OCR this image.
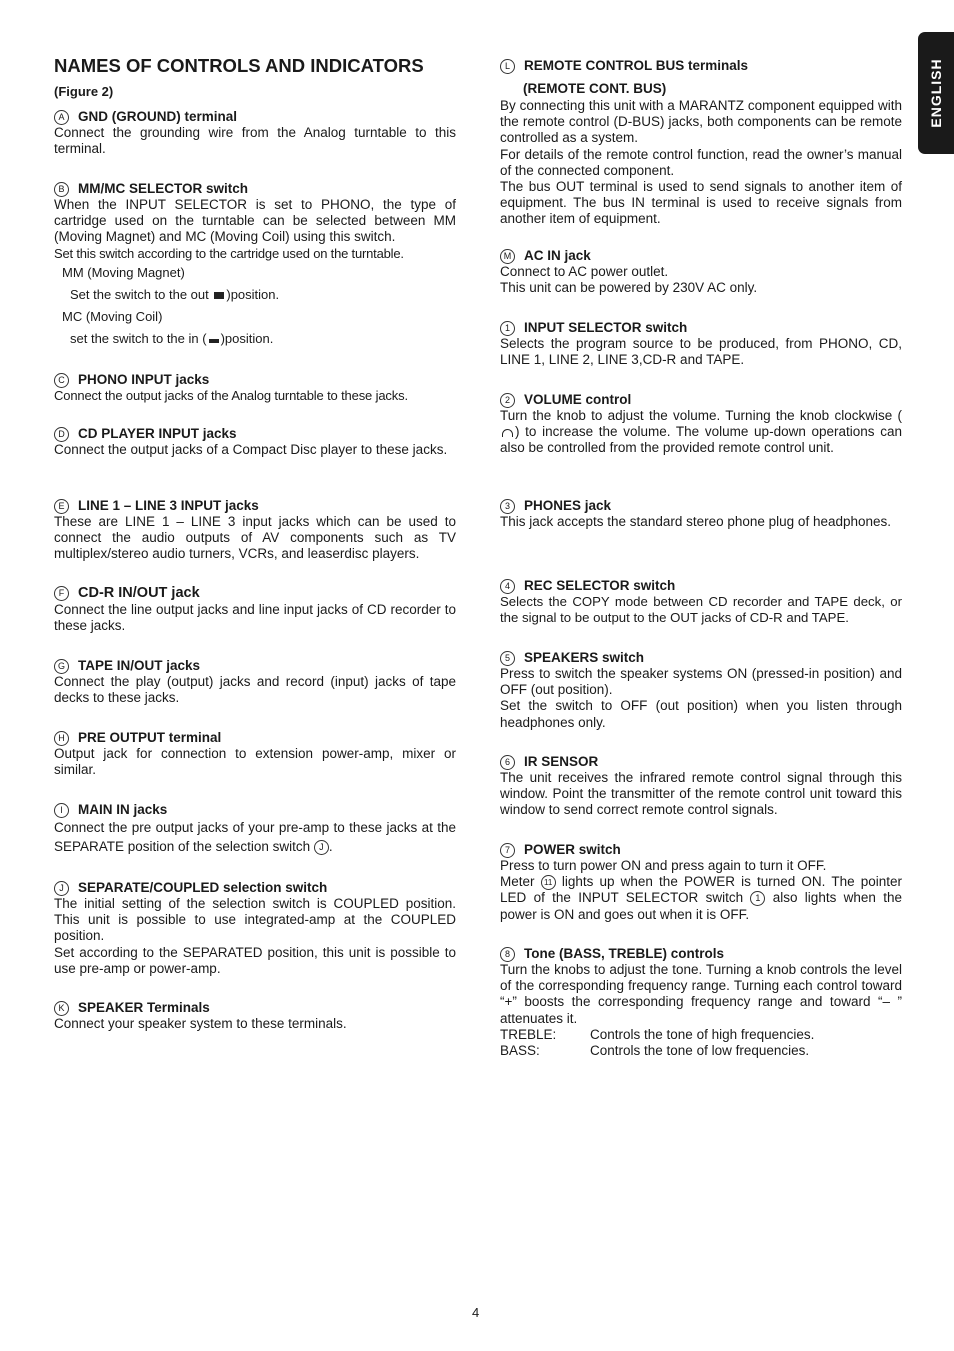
NAMES OF CONTROLS AND INDICATORS
(Figure 2)	ENGLISH
A GND (GROUND) terminal

Connect the grounding wire from the Analog turntable to this terminal.

B MM/MC SELECTOR switch

When the INPUT SELECTOR is set to PHONO, the type of cartridge used on the turntable can be selected between MM (Moving Magnet) and MC (Moving Coil) using this switch.

Set this switch according to the cartridge used on the turntable.

MM (Moving Magnet)
Set the switch to the out )position.
MC (Moving Coil)
set the switch to the in ( )position.
C PHONO INPUT jacks

Connect the output jacks of the Analog turntable to these jacks.

D CD PLAYER INPUT jacks

Connect the output jacks of a Compact Disc player to these jacks.

E LINE 1 – LINE 3 INPUT jacks

These are LINE 1 – LINE 3 input jacks which can be used to connect the audio outputs of AV components such as TV multiplex/stereo audio turners, VCRs, and leaserdisc players.

F CD-R IN/OUT jack

Connect the line output jacks and line input jacks of CD recorder to these jacks.

G TAPE IN/OUT jacks

Connect the play (output) jacks and record (input) jacks of tape decks to these jacks.

H PRE OUTPUT terminal

Output jack for connection to extension power-amp, mixer or similar.

I MAIN IN jacks

Connect the pre output jacks of your pre-amp to these jacks at the SEPARATE position of the selection switch J .

J SEPARATE/COUPLED selection switch

The initial setting of the selection switch is COUPLED position. This unit is possible to use integrated-amp at the COUPLED position.

Set according to the SEPARATED position, this unit is possible to use pre-amp or power-amp.

K SPEAKER Terminals

Connect your speaker system to these terminals.

L REMOTE CONTROL BUS terminals
(REMOTE CONT. BUS)

By connecting this unit with a MARANTZ component equipped with the remote control (D-BUS) jacks, both components can be remote controlled as a system.

For details of the remote control function, read the owner’s manual of the connected component.

The bus OUT terminal is used to send signals to another item of equipment. The bus IN terminal is used to receive signals from another item of equipment.

M AC IN jack

Connect to AC power outlet.

This unit can be powered by 230V AC only.

1 INPUT SELECTOR switch

Selects the program source to be produced, from PHONO, CD, LINE 1, LINE 2, LINE 3,CD-R and TAPE.

2 VOLUME control

Turn the knob to adjust the volume. Turning the knob clockwise ( ) to increase the volume. The volume up-down operations can also be controlled from the provided remote control unit.

3 PHONES jack

This jack accepts the standard stereo phone plug of headphones.

4 REC SELECTOR switch

Selects the COPY mode between CD recorder and TAPE deck, or the signal to be output to the OUT jacks of CD-R and TAPE.

5 SPEAKERS switch

Press to switch the speaker systems ON (pressed-in position) and OFF (out position).

Set the switch to OFF (out position) when you listen through headphones only.

6 IR SENSOR

The unit receives the infrared remote control signal through this window. Point the transmitter of the remote control unit toward this window to send correct remote control signals.

7 POWER switch

Press to turn power ON and press again to turn it OFF.

Meter 11 lights up when the POWER is turned ON. The pointer LED of the INPUT SELECTOR switch 1 also lights when the power is ON and goes out when it is OFF.

8 Tone (BASS, TREBLE) controls

Turn the knobs to adjust the tone. Turning a knob controls the level of the corresponding frequency range. Turning each control toward “+” boosts the corresponding frequency range and toward “– ” attenuates it.

TREBLE:	Controls the tone of high frequencies.
BASS:	Controls the tone of low frequencies.
4
